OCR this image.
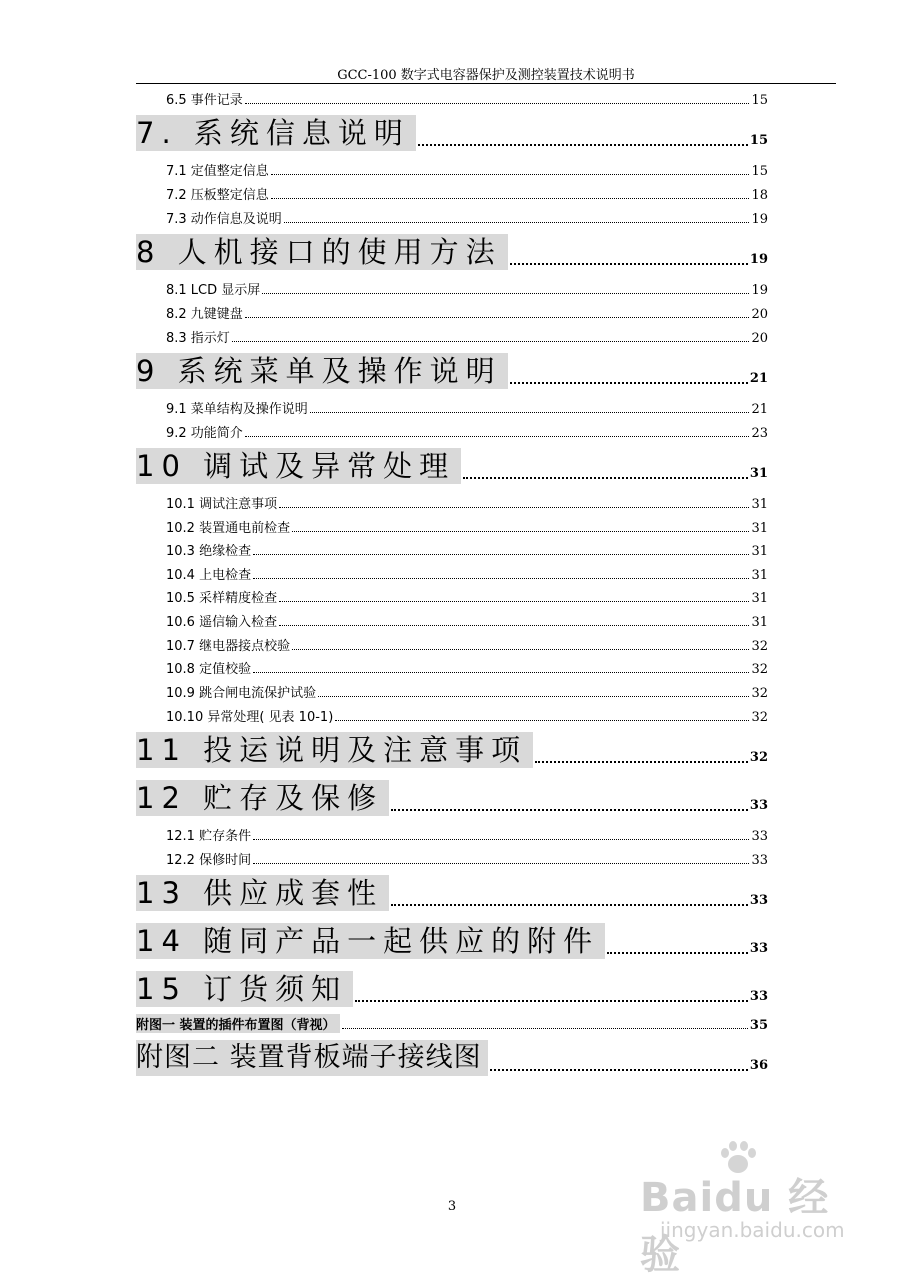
GCC-100 数字式电容器保护及测控装置技术说明书
6.5 事件记录	15
7. 系统信息说明	15
7.1 定值整定信息	15
7.2 压板整定信息	18
7.3 动作信息及说明	19
8 人机接口的使用方法	19
8.1 LCD 显示屏	19
8.2 九键键盘	20
8.3 指示灯	20
9 系统菜单及操作说明	21
9.1 菜单结构及操作说明	21
9.2 功能简介	23
10 调试及异常处理	31
10.1 调试注意事项	31
10.2 装置通电前检查	31
10.3 绝缘检查	31
10.4 上电检查	31
10.5 采样精度检查	31
10.6 遥信输入检查	31
10.7 继电器接点校验	32
10.8 定值校验	32
10.9 跳合闸电流保护试验	32
10.10 异常处理( 见表 10-1)	32
11 投运说明及注意事项	32
12 贮存及保修	33
12.1 贮存条件	33
12.2 保修时间	33
13 供应成套性	33
14 随同产品一起供应的附件	33
15 订货须知	33
附图一 装置的插件布置图（背视）	35
附图二 装置背板端子接线图	36
3	Baidu 经验
jingyan.baidu.com
